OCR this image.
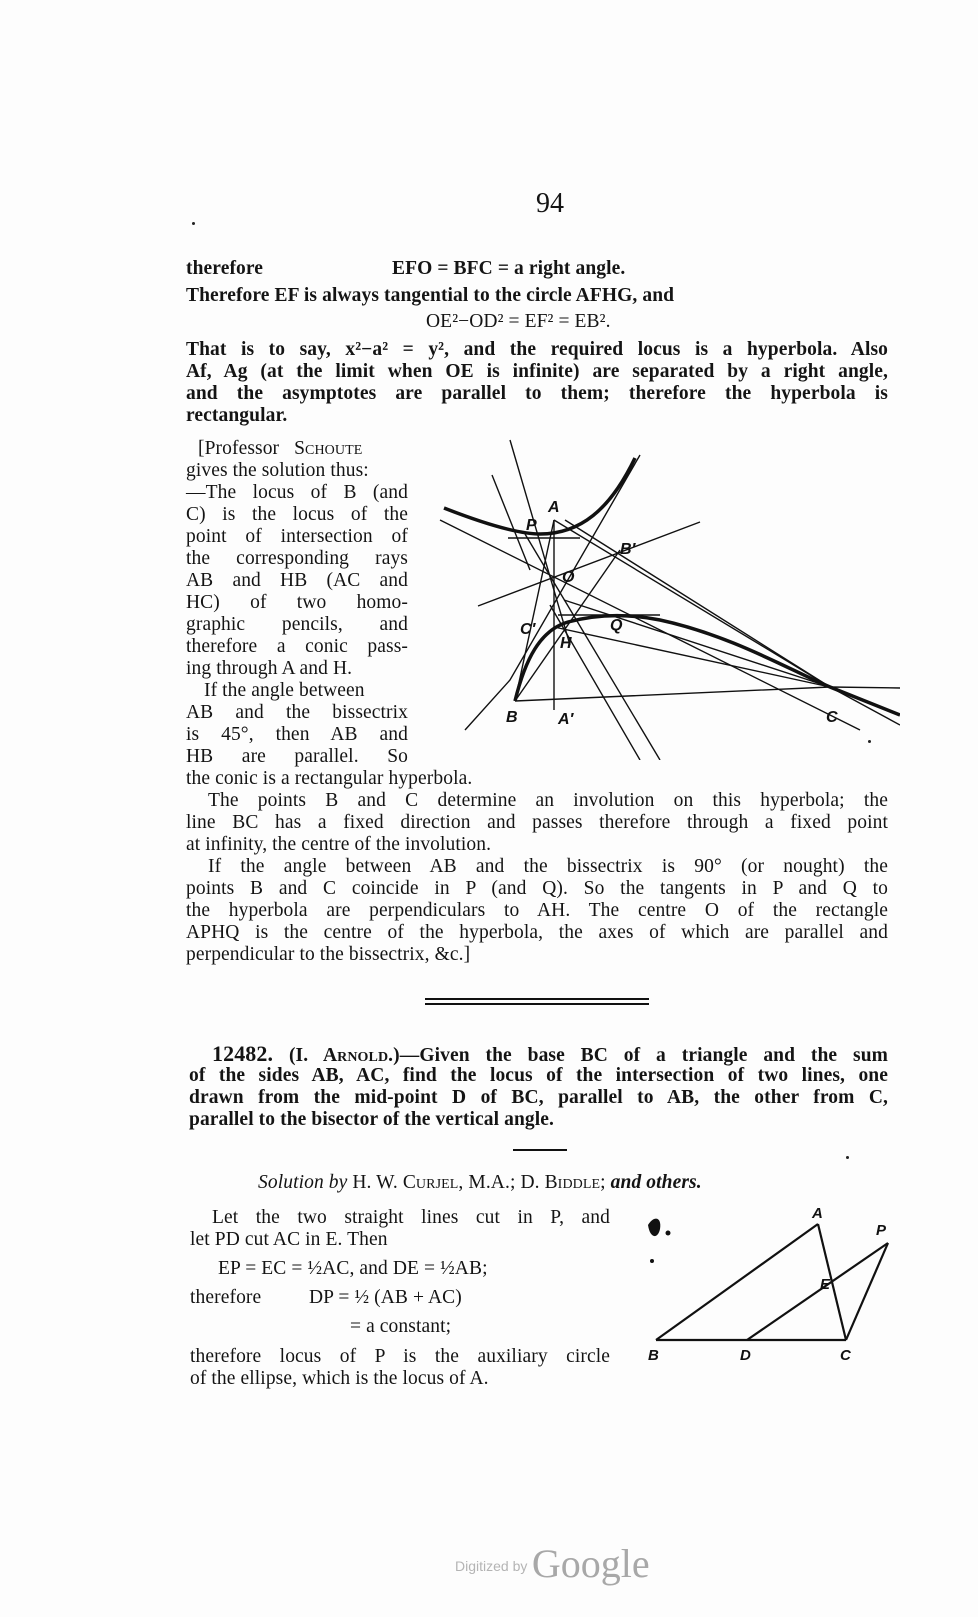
94
therefore	EFO = BFC = a right angle.
Therefore EF is always tangential to the circle AFHG, and
OE²−OD² = EF² = EB².
That is to say, x²−a² = y², and the required locus is a hyperbola. Also
Af, Ag (at the limit when OE is infinite) are separated by a right angle,
and the asymptotes are parallel to them; therefore the hyperbola is
rectangular.
[Professor Schoute
gives the solution thus:
—The locus of B (and
C) is the locus of the
point of intersection of
the corresponding rays
AB and HB (AC and
HC) of two homo-
graphic pencils, and
therefore a conic pass-
ing through A and H.
If the angle between
AB and the bissectrix
is 45°, then AB and
HB are parallel. So
the conic is a rectangular hyperbola.
The points B and C determine an involution on this hyperbola; the
line BC has a fixed direction and passes therefore through a fixed point
at infinity, the centre of the involution.
If the angle between AB and the bissectrix is 90° (or nought) the
points B and C coincide in P (and Q). So the tangents in P and Q to
the hyperbola are perpendiculars to AH. The centre O of the rectangle
APHQ is the centre of the hyperbola, the axes of which are parallel and
perpendicular to the bissectrix, &c.]
A
P
B′
O
C′	Q
H
B	A′	C
12482. (I. Arnold.)—Given the base BC of a triangle and the sum
of the sides AB, AC, find the locus of the intersection of two lines, one
drawn from the mid-point D of BC, parallel to AB, the other from C,
parallel to the bisector of the vertical angle.
Solution by H. W. Curjel, M.A.; D. Biddle; and others.
Let the two straight lines cut in P, and
let PD cut AC in E. Then
EP = EC = ½AC, and DE = ½AB;
therefore DP = ½ (AB + AC)
= a constant;
therefore locus of P is the auxiliary circle
of the ellipse, which is the locus of A.
A
P
E
B	D	C
Digitized by Google
